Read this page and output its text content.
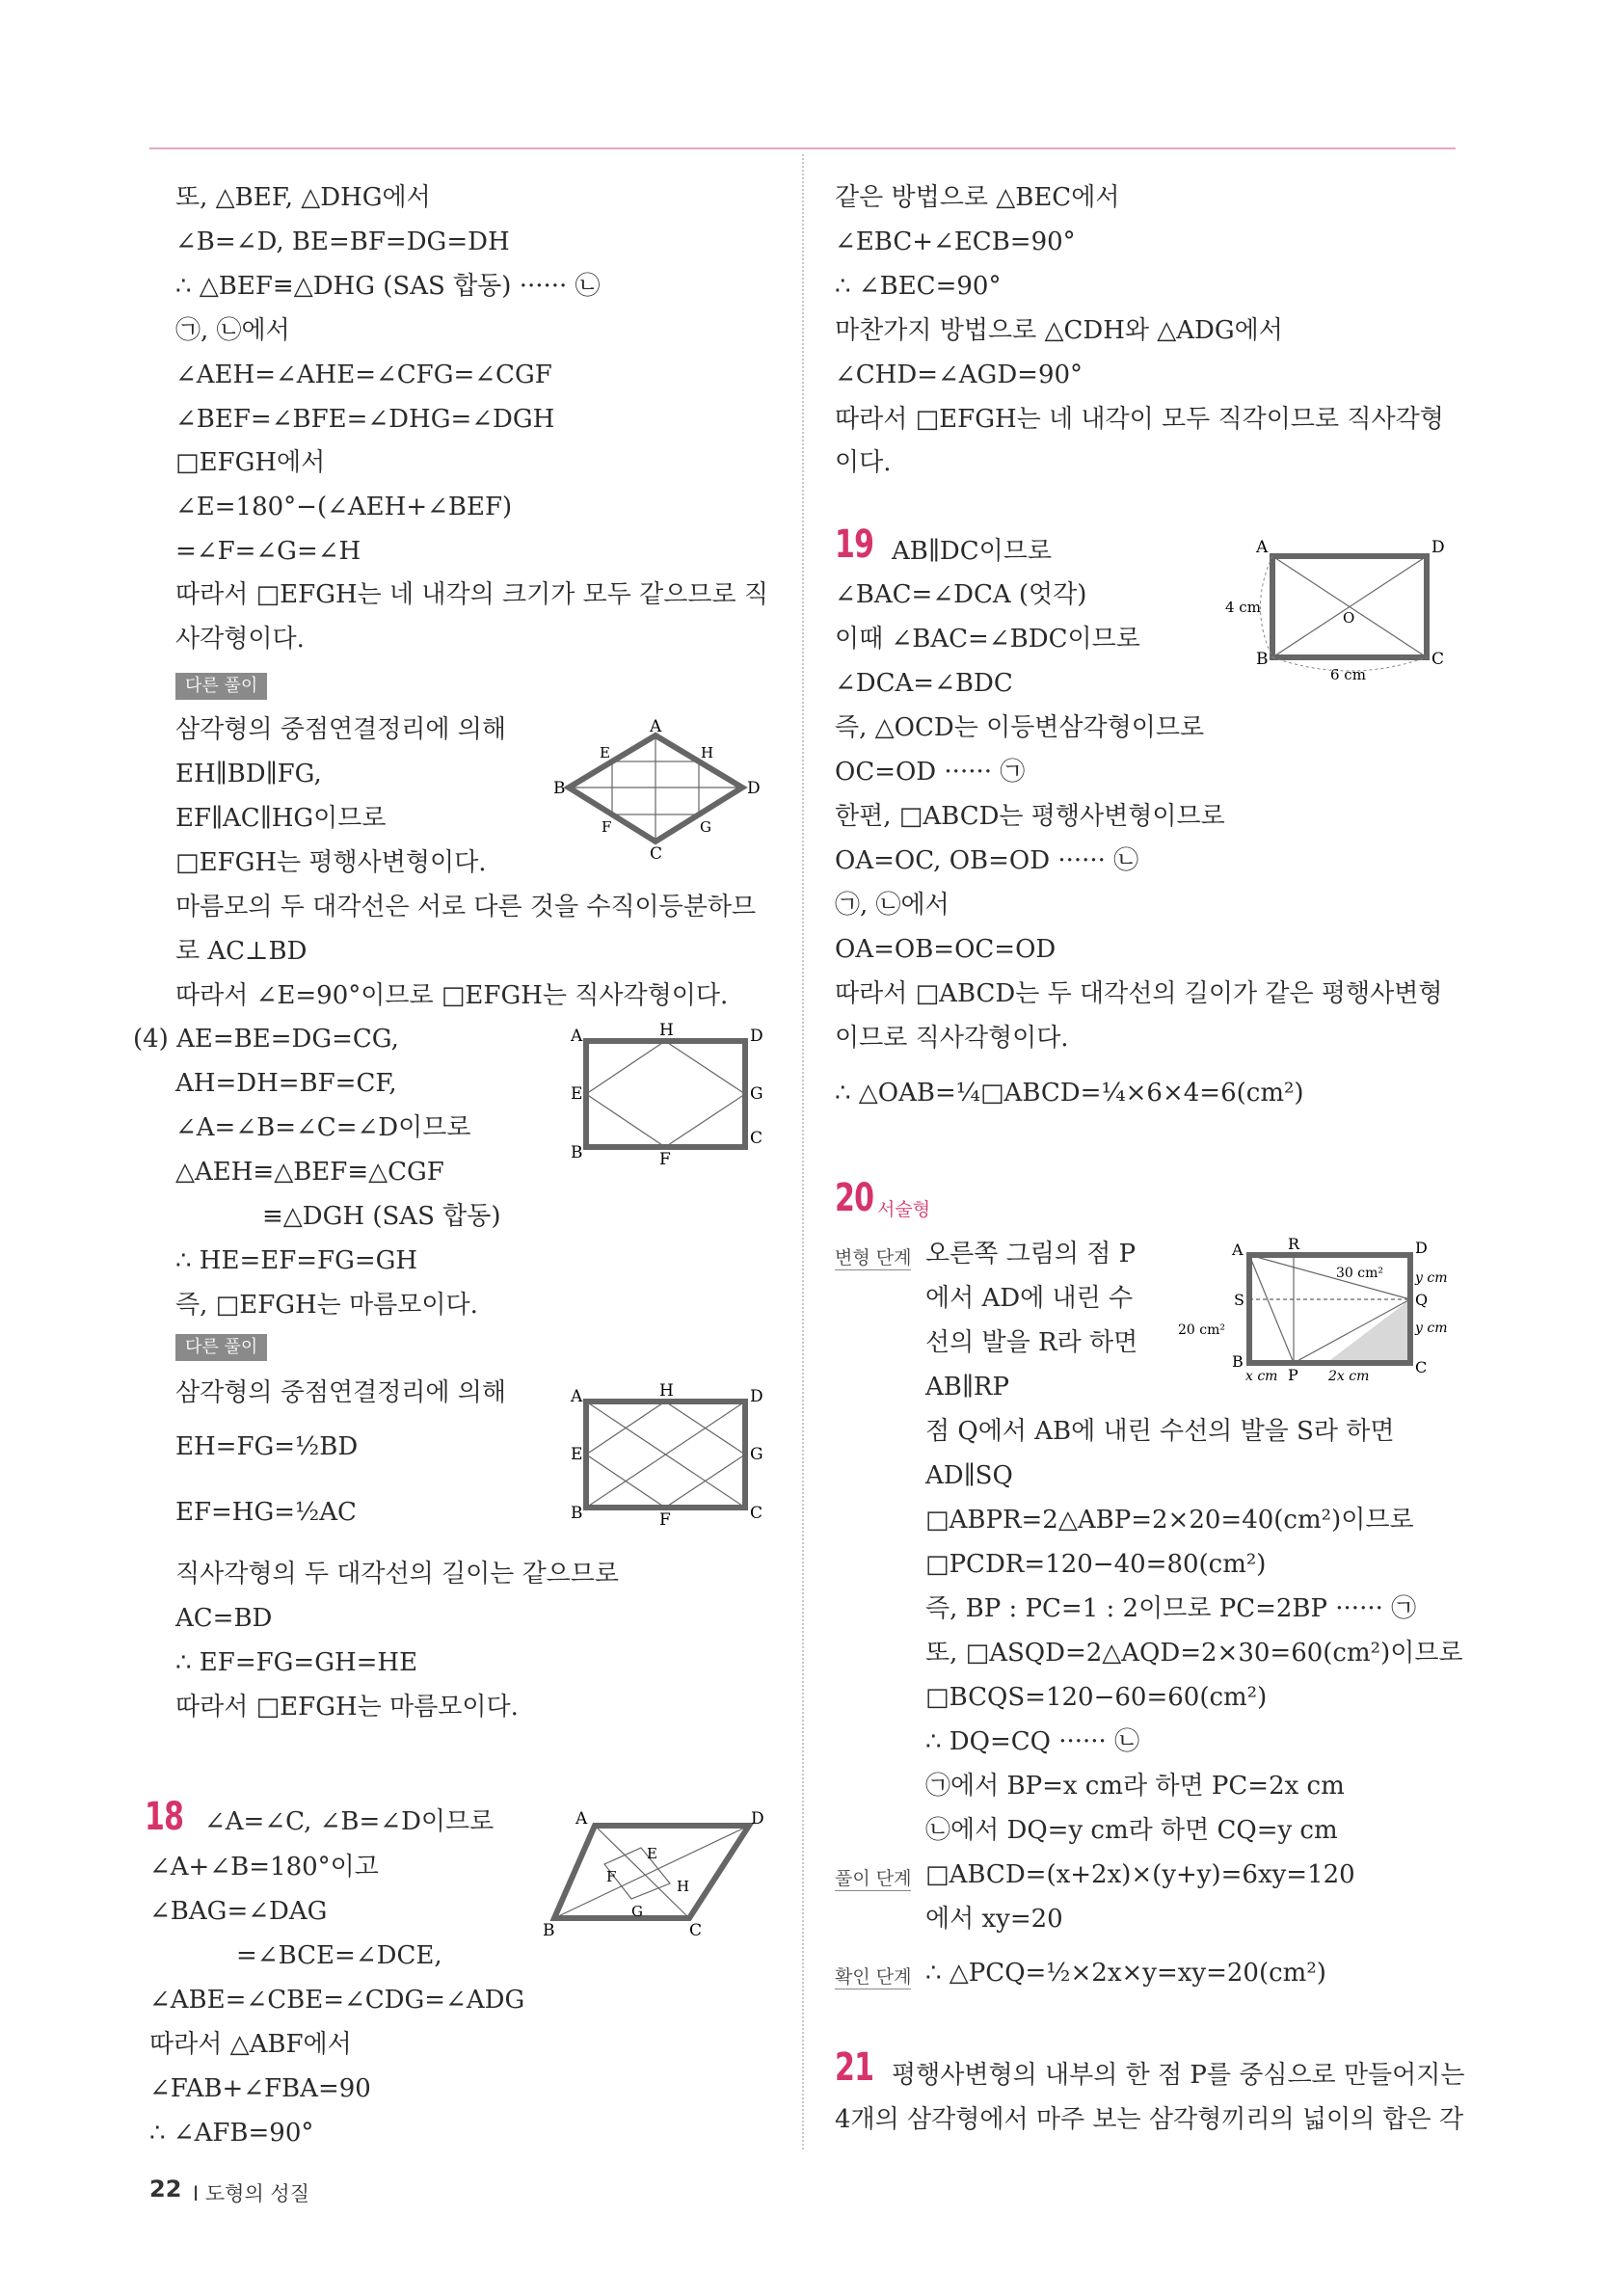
또, △BEF, △DHG에서
∠B=∠D, BE=BF=DG=DH
∴ △BEF≡△DHG (SAS 합동) ······ ㉡
㉠, ㉡에서
∠AEH=∠AHE=∠CFG=∠CGF
∠BEF=∠BFE=∠DHG=∠DGH
□EFGH에서
∠E=180°−(∠AEH+∠BEF)
=∠F=∠G=∠H
따라서 □EFGH는 네 내각의 크기가 모두 같으므로 직
사각형이다.
다른 풀이
삼각형의 중점연결정리에 의해
EH∥BD∥FG,
EF∥AC∥HG이므로
□EFGH는 평행사변형이다.
마름모의 두 대각선은 서로 다른 것을 수직이등분하므
로 AC⊥BD
따라서 ∠E=90°이므로 □EFGH는 직사각형이다.
A
D
B
C
E	H
F	G
(4) AE=BE=DG=CG,
AH=DH=BF=CF,
∠A=∠B=∠C=∠D이므로
△AEH≡△BEF≡△CGF
≡△DGH (SAS 합동)
∴ HE=EF=FG=GH
즉, □EFGH는 마름모이다.
A	D
B
C
H
F
E	G
다른 풀이
삼각형의 중점연결정리에 의해
EH=FG=½BD
EF=HG=½AC
직사각형의 두 대각선의 길이는 같으므로
AC=BD
∴ EF=FG=GH=HE
따라서 □EFGH는 마름모이다.
A	D
B	C
H
F
E	G
18 ∠A=∠C, ∠B=∠D이므로
∠A+∠B=180°이고
∠BAG=∠DAG
=∠BCE=∠DCE,
∠ABE=∠CBE=∠CDG=∠ADG
따라서 △ABF에서
∠FAB+∠FBA=90
∴ ∠AFB=90°
A	D
B	C
E
F
G
H
같은 방법으로 △BEC에서
∠EBC+∠ECB=90°
∴ ∠BEC=90°
마찬가지 방법으로 △CDH와 △ADG에서
∠CHD=∠AGD=90°
따라서 □EFGH는 네 내각이 모두 직각이므로 직사각형
이다.
19 AB∥DC이므로
∠BAC=∠DCA (엇각)
이때 ∠BAC=∠BDC이므로
∠DCA=∠BDC
즉, △OCD는 이등변삼각형이므로
OC=OD ······ ㉠
한편, □ABCD는 평행사변형이므로
OA=OC, OB=OD ······ ㉡
㉠, ㉡에서
OA=OB=OC=OD
따라서 □ABCD는 두 대각선의 길이가 같은 평행사변형
이므로 직사각형이다.
∴ △OAB=¼□ABCD=¼×6×4=6(cm²)
A	D
B	C
O
4 cm
6 cm
20 서술형
변형 단계 오른쪽 그림의 점 P
에서 AD에 내린 수
선의 발을 R라 하면
AB∥RP
점 Q에서 AB에 내린 수선의 발을 S라 하면
AD∥SQ
□ABPR=2△ABP=2×20=40(cm²)이므로
□PCDR=120−40=80(cm²)
즉, BP : PC=1 : 2이므로 PC=2BP ······ ㉠
또, □ASQD=2△AQD=2×30=60(cm²)이므로
□BCQS=120−60=60(cm²)
∴ DQ=CQ ······ ㉡
㉠에서 BP=x cm라 하면 PC=2x cm
㉡에서 DQ=y cm라 하면 CQ=y cm
풀이 단계 □ABCD=(x+2x)×(y+y)=6xy=120
에서 xy=20
확인 단계 ∴ △PCQ=½×2x×y=xy=20(cm²)
A	D
B	C
R
S	Q
P
30 cm²
20 cm²
y cm
y cm
x cm	2x cm
21 평행사변형의 내부의 한 점 P를 중심으로 만들어지는
4개의 삼각형에서 마주 보는 삼각형끼리의 넓이의 합은 각
22 Ⅰ 도형의 성질
